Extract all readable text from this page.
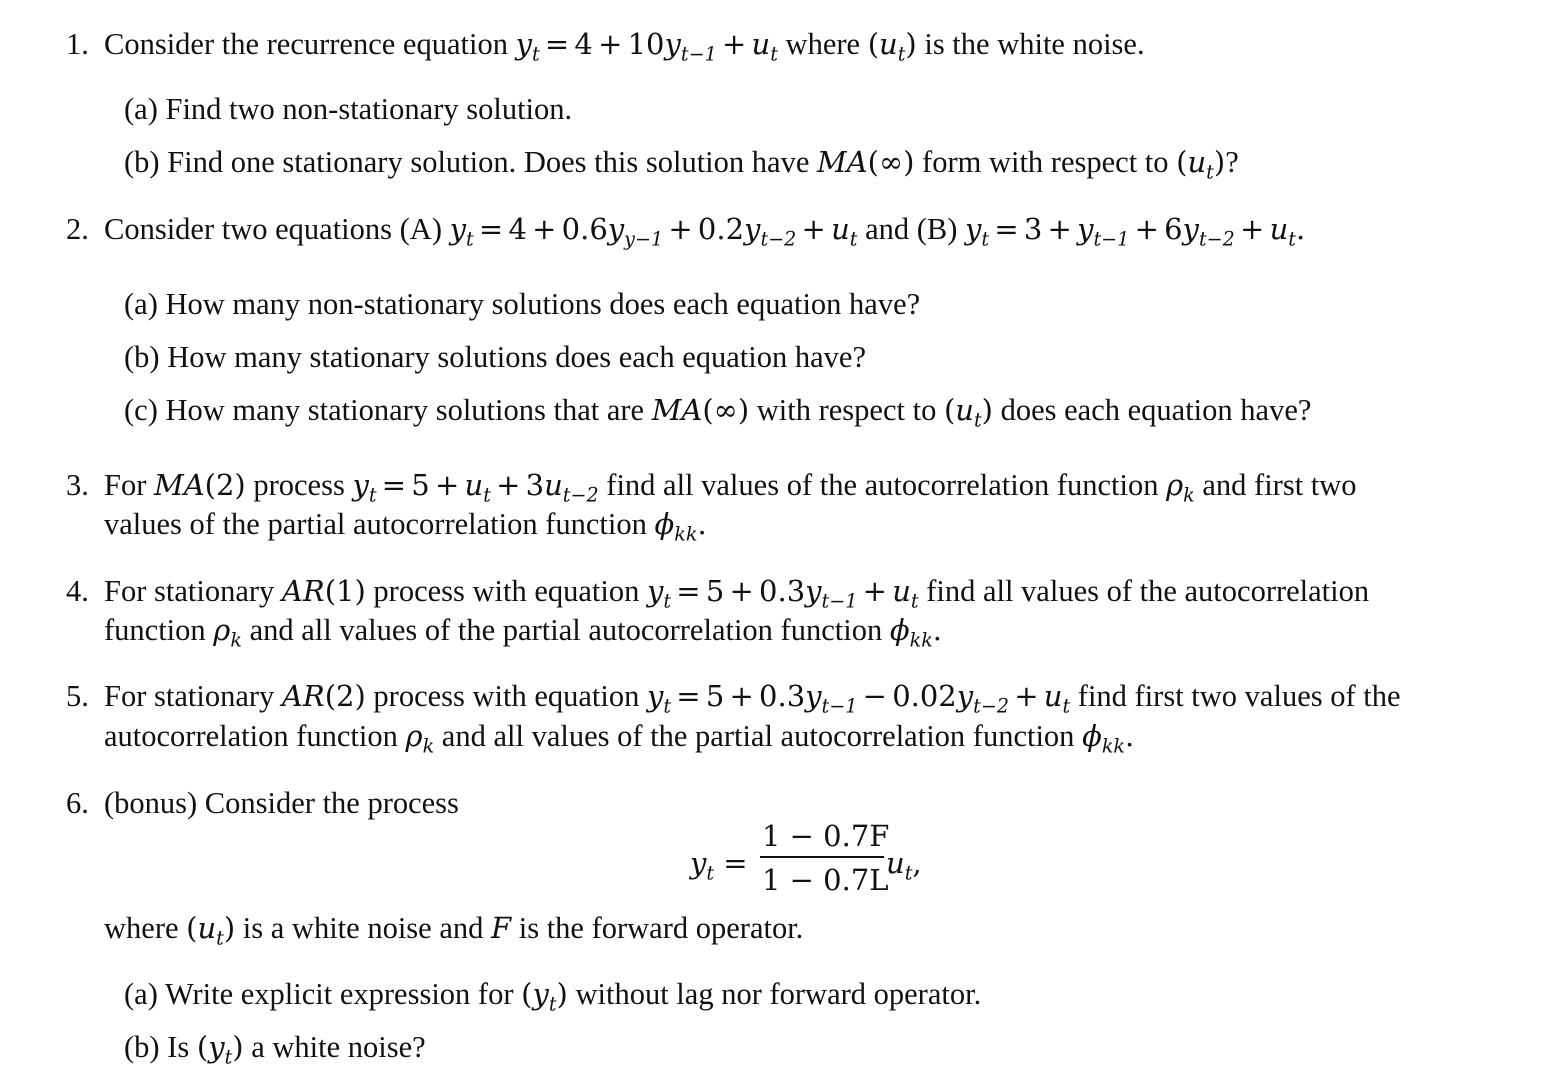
1. Consider the recurrence equation $y_t = 4 + 10y_{t-1} + u_t$ where $(u_t)$ is the white noise.
(a) Find two non-stationary solution.
(b) Find one stationary solution. Does this solution have MA(∞) form with respect to $(u_t)$?
2. Consider two equations (A) $y_t = 4 + 0.6y_{y-1} + 0.2y_{t-2} + u_t$ and (B) $y_t = 3 + y_{t-1} + 6y_{t-2} + u_t$.
(a) How many non-stationary solutions does each equation have?
(b) How many stationary solutions does each equation have?
(c) How many stationary solutions that are MA(∞) with respect to $(u_t)$ does each equation have?
3. For MA(2) process $y_t = 5 + u_t + 3u_{t-2}$ find all values of the autocorrelation function $\rho_k$ and first two
values of the partial autocorrelation function $\phi_{kk}$.
4. For stationary AR(1) process with equation $y_t = 5 + 0.3y_{t-1} + u_t$ find all values of the autocorrelation
function $\rho_k$ and all values of the partial autocorrelation function $\phi_{kk}$.
5. For stationary AR(2) process with equation $y_t = 5 + 0.3y_{t-1} - 0.02y_{t-2} + u_t$ find first two values of the
autocorrelation function $\rho_k$ and all values of the partial autocorrelation function $\phi_{kk}$.
6. (bonus) Consider the process
$y_t$ =
1 − 0.7F
1 − 0.7L
$u_t$,
where $(u_t)$ is a white noise and F is the forward operator.
(a) Write explicit expression for $(y_t)$ without lag nor forward operator.
(b) Is $(y_t)$ a white noise?
